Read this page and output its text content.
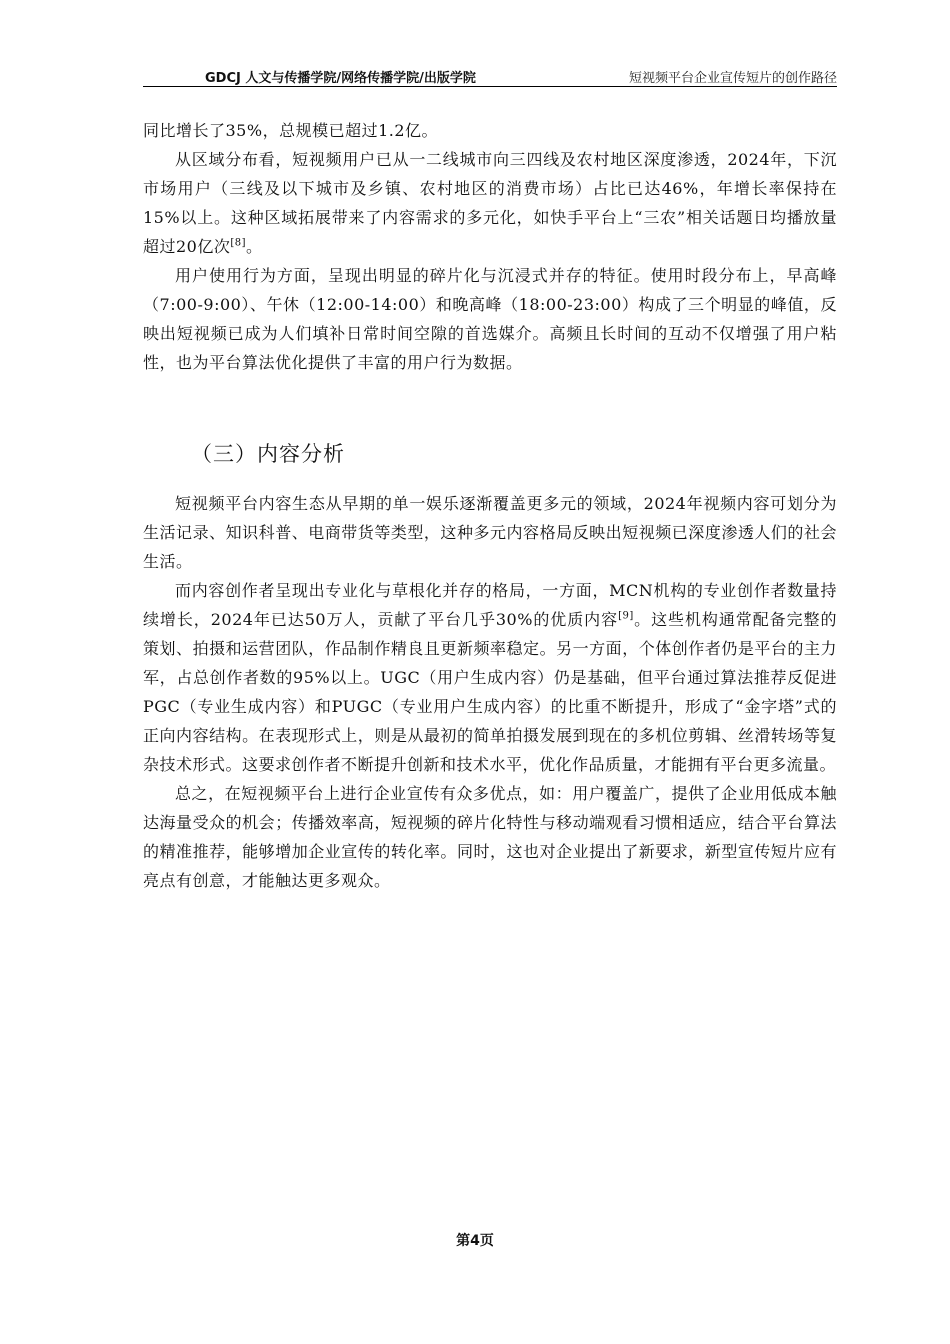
GDCJ 人文与传播学院/网络传播学院/出版学院	短视频平台企业宣传短片的创作路径

同比增长了35%，总规模已超过1.2亿。

从区域分布看，短视频用户已从一二线城市向三四线及农村地区深度渗透，2024年，下沉市场用户（三线及以下城市及乡镇、农村地区的消费市场）占比已达46%，年增长率保持在15%以上。这种区域拓展带来了内容需求的多元化，如快手平台上“三农”相关话题日均播放量超过20亿次[8]。

用户使用行为方面，呈现出明显的碎片化与沉浸式并存的特征。使用时段分布上，早高峰（7:00-9:00）、午休（12:00-14:00）和晚高峰（18:00-23:00）构成了三个明显的峰值，反映出短视频已成为人们填补日常时间空隙的首选媒介。高频且长时间的互动不仅增强了用户粘性，也为平台算法优化提供了丰富的用户行为数据。

（三）内容分析

短视频平台内容生态从早期的单一娱乐逐渐覆盖更多元的领域，2024年视频内容可划分为生活记录、知识科普、电商带货等类型，这种多元内容格局反映出短视频已深度渗透人们的社会生活。

而内容创作者呈现出专业化与草根化并存的格局，一方面，MCN机构的专业创作者数量持续增长，2024年已达50万人，贡献了平台几乎30%的优质内容[9]。这些机构通常配备完整的策划、拍摄和运营团队，作品制作精良且更新频率稳定。另一方面，个体创作者仍是平台的主力军，占总创作者数的95%以上。UGC（用户生成内容）仍是基础，但平台通过算法推荐反促进PGC（专业生成内容）和PUGC（专业用户生成内容）的比重不断提升，形成了“金字塔”式的正向内容结构。在表现形式上，则是从最初的简单拍摄发展到现在的多机位剪辑、丝滑转场等复杂技术形式。这要求创作者不断提升创新和技术水平，优化作品质量，才能拥有平台更多流量。

总之，在短视频平台上进行企业宣传有众多优点，如：用户覆盖广，提供了企业用低成本触达海量受众的机会；传播效率高，短视频的碎片化特性与移动端观看习惯相适应，结合平台算法的精准推荐，能够增加企业宣传的转化率。同时，这也对企业提出了新要求，新型宣传短片应有亮点有创意，才能触达更多观众。

第4页
